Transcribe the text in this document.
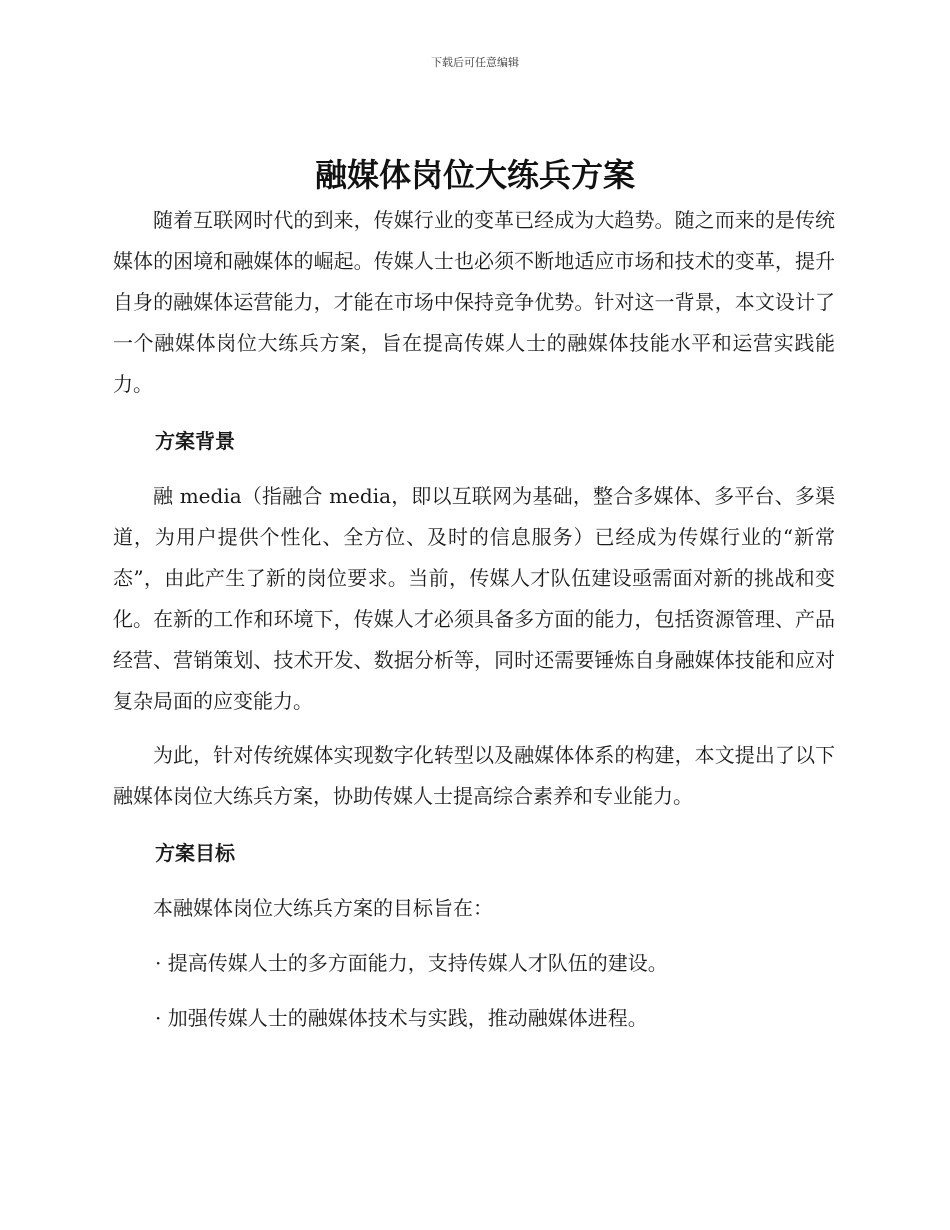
下载后可任意编辑
融媒体岗位大练兵方案

随着互联网时代的到来，传媒行业的变革已经成为大趋势。随之而来的是传统媒体的困境和融媒体的崛起。传媒人士也必须不断地适应市场和技术的变革，提升自身的融媒体运营能力，才能在市场中保持竞争优势。针对这一背景，本文设计了一个融媒体岗位大练兵方案，旨在提高传媒人士的融媒体技能水平和运营实践能力。

方案背景

融 media（指融合 media，即以互联网为基础，整合多媒体、多平台、多渠道，为用户提供个性化、全方位、及时的信息服务）已经成为传媒行业的“新常态”，由此产生了新的岗位要求。当前，传媒人才队伍建设亟需面对新的挑战和变化。在新的工作和环境下，传媒人才必须具备多方面的能力，包括资源管理、产品经营、营销策划、技术开发、数据分析等，同时还需要锤炼自身融媒体技能和应对复杂局面的应变能力。

为此，针对传统媒体实现数字化转型以及融媒体体系的构建，本文提出了以下融媒体岗位大练兵方案，协助传媒人士提高综合素养和专业能力。

方案目标

本融媒体岗位大练兵方案的目标旨在：

· 提高传媒人士的多方面能力，支持传媒人才队伍的建设。
· 加强传媒人士的融媒体技术与实践，推动融媒体进程。
